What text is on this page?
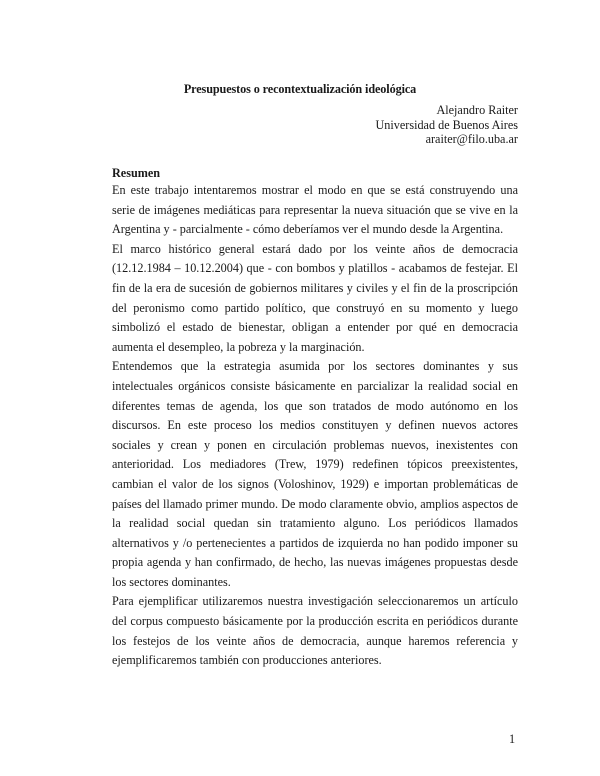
Presupuestos o recontextualización ideológica
Alejandro Raiter
Universidad de Buenos Aires
araiter@filo.uba.ar
Resumen

En este trabajo intentaremos mostrar el modo en que se está construyendo una serie de imágenes mediáticas para representar la nueva situación que se vive en la Argentina y - parcialmente - cómo deberíamos ver el mundo desde la Argentina.

El marco histórico general estará dado por los veinte años de democracia (12.12.1984 – 10.12.2004) que - con bombos y platillos - acabamos de festejar. El fin de la era de sucesión de gobiernos militares y civiles y el fin de la proscripción del peronismo como partido político, que construyó en su momento y luego simbolizó el estado de bienestar, obligan a entender por qué en democracia aumenta el desempleo, la pobreza y la marginación.

Entendemos que la estrategia asumida por los sectores dominantes y sus intelectuales orgánicos consiste básicamente en parcializar la realidad social en diferentes temas de agenda, los que son tratados de modo autónomo en los discursos. En este proceso los medios constituyen y definen nuevos actores sociales y crean y ponen en circulación problemas nuevos, inexistentes con anterioridad. Los mediadores (Trew, 1979) redefinen tópicos preexistentes, cambian el valor de los signos (Voloshinov, 1929) e importan problemáticas de países del llamado primer mundo. De modo claramente obvio, amplios aspectos de la realidad social quedan sin tratamiento alguno. Los periódicos llamados alternativos y /o pertenecientes a partidos de izquierda no han podido imponer su propia agenda y han confirmado, de hecho, las nuevas imágenes propuestas desde los sectores dominantes.

Para ejemplificar utilizaremos nuestra investigación seleccionaremos un artículo del corpus compuesto básicamente por la producción escrita en periódicos durante los festejos de los veinte años de democracia, aunque haremos referencia y ejemplificaremos también con producciones anteriores.

1
